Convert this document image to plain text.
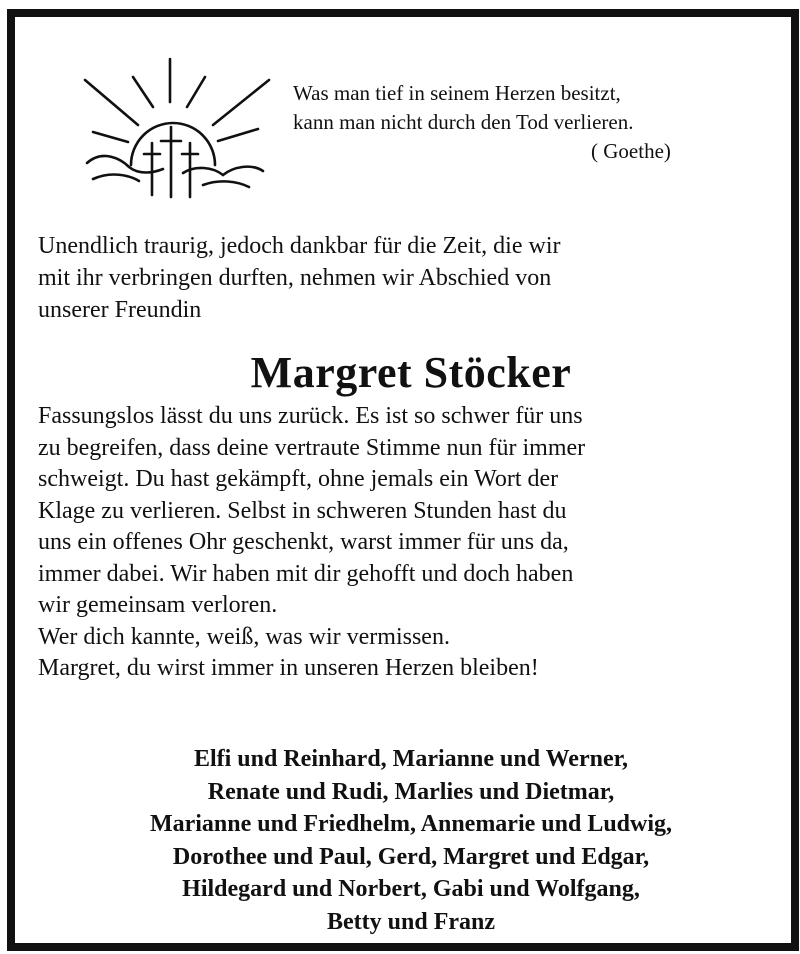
Was man tief in seinem Herzen besitzt,
kann man nicht durch den Tod verlieren.
( Goethe)
Unendlich traurig, jedoch dankbar für die Zeit, die wir
mit ihr verbringen durften, nehmen wir Abschied von
unserer Freundin
Margret Stöcker
Fassungslos lässt du uns zurück. Es ist so schwer für uns
zu begreifen, dass deine vertraute Stimme nun für immer
schweigt. Du hast gekämpft, ohne jemals ein Wort der
Klage zu verlieren. Selbst in schweren Stunden hast du
uns ein offenes Ohr geschenkt, warst immer für uns da,
immer dabei. Wir haben mit dir gehofft und doch haben
wir gemeinsam verloren.
Wer dich kannte, weiß, was wir vermissen.
Margret, du wirst immer in unseren Herzen bleiben!
Elfi und Reinhard, Marianne und Werner,
Renate und Rudi, Marlies und Dietmar,
Marianne und Friedhelm, Annemarie und Ludwig,
Dorothee und Paul, Gerd, Margret und Edgar,
Hildegard und Norbert, Gabi und Wolfgang,
Betty und Franz
